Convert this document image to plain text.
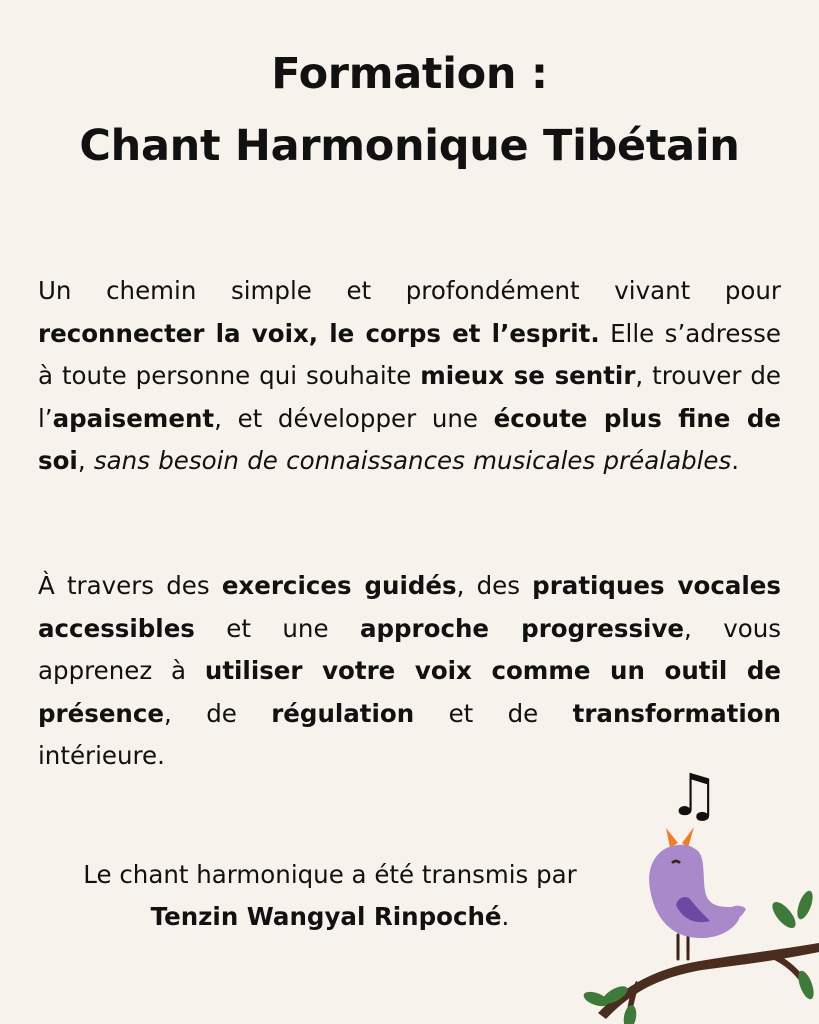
Formation :
Chant Harmonique Tibétain

Un chemin simple et profondément vivant pour reconnecter la voix, le corps et l’esprit. Elle s’adresse à toute personne qui souhaite mieux se sentir, trouver de l’apaisement, et développer une écoute plus fine de soi, sans besoin de connaissances musicales préalables.

À travers des exercices guidés, des pratiques vocales accessibles et une approche progressive, vous apprenez à utiliser votre voix comme un outil de présence, de régulation et de transformation intérieure.

Le chant harmonique a été transmis par
Tenzin Wangyal Rinpoché.

♫
